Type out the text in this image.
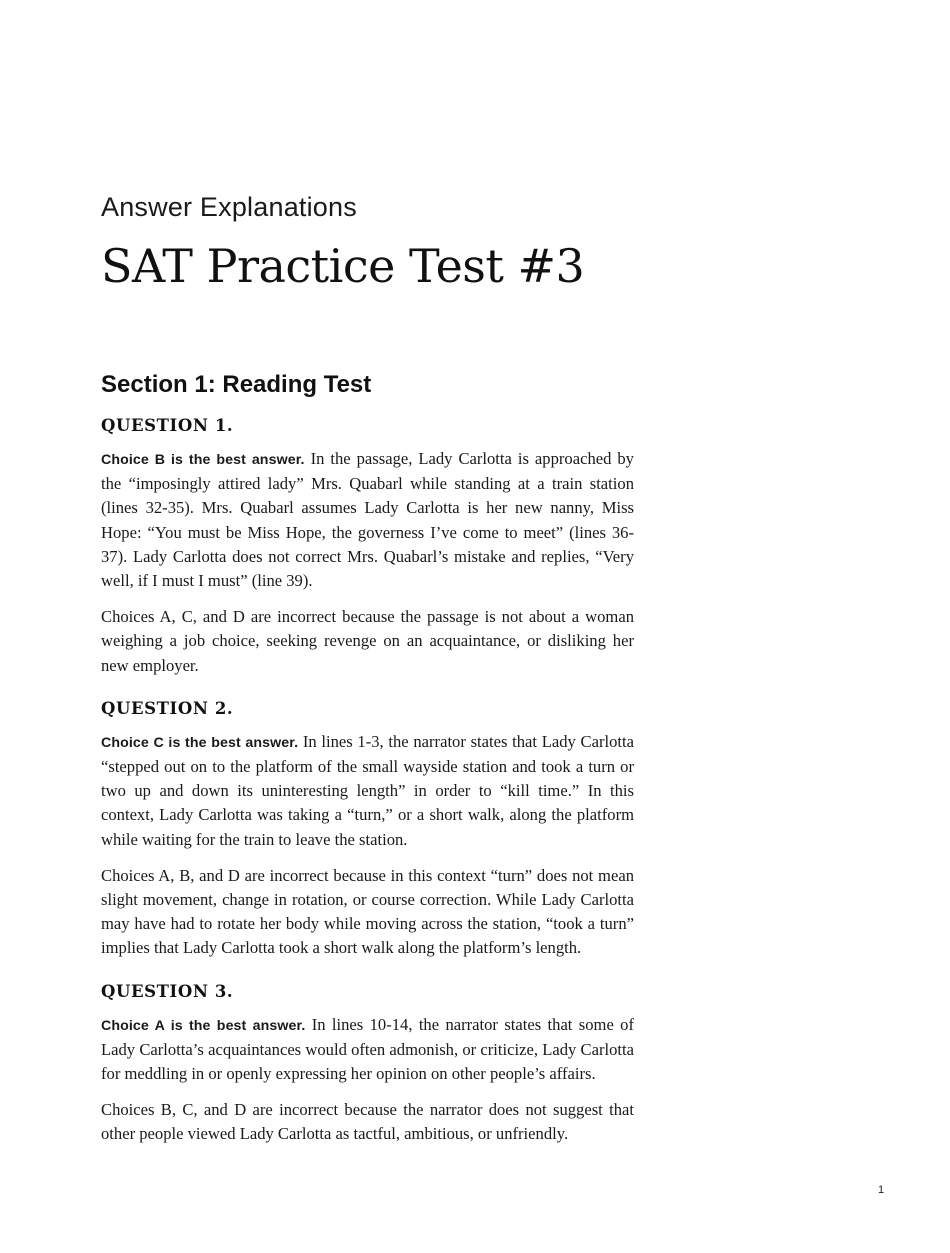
Answer Explanations
SAT Practice Test #3
Section 1: Reading Test
QUESTION 1.

Choice B is the best answer. In the passage, Lady Carlotta is approached by the “imposingly attired lady” Mrs. Quabarl while standing at a train station (lines 32-35). Mrs. Quabarl assumes Lady Carlotta is her new nanny, Miss Hope: “You must be Miss Hope, the governess I’ve come to meet” (lines 36-37). Lady Carlotta does not correct Mrs. Quabarl’s mistake and replies, “Very well, if I must I must” (line 39).

Choices A, C, and D are incorrect because the passage is not about a woman weighing a job choice, seeking revenge on an acquaintance, or disliking her new employer.

QUESTION 2.

Choice C is the best answer. In lines 1-3, the narrator states that Lady Carlotta “stepped out on to the platform of the small wayside station and took a turn or two up and down its uninteresting length” in order to “kill time.” In this context, Lady Carlotta was taking a “turn,” or a short walk, along the platform while waiting for the train to leave the station.

Choices A, B, and D are incorrect because in this context “turn” does not mean slight movement, change in rotation, or course correction. While Lady Carlotta may have had to rotate her body while moving across the station, “took a turn” implies that Lady Carlotta took a short walk along the platform’s length.

QUESTION 3.

Choice A is the best answer. In lines 10-14, the narrator states that some of Lady Carlotta’s acquaintances would often admonish, or criticize, Lady Carlotta for meddling in or openly expressing her opinion on other people’s affairs.

Choices B, C, and D are incorrect because the narrator does not suggest that other people viewed Lady Carlotta as tactful, ambitious, or unfriendly.

1
